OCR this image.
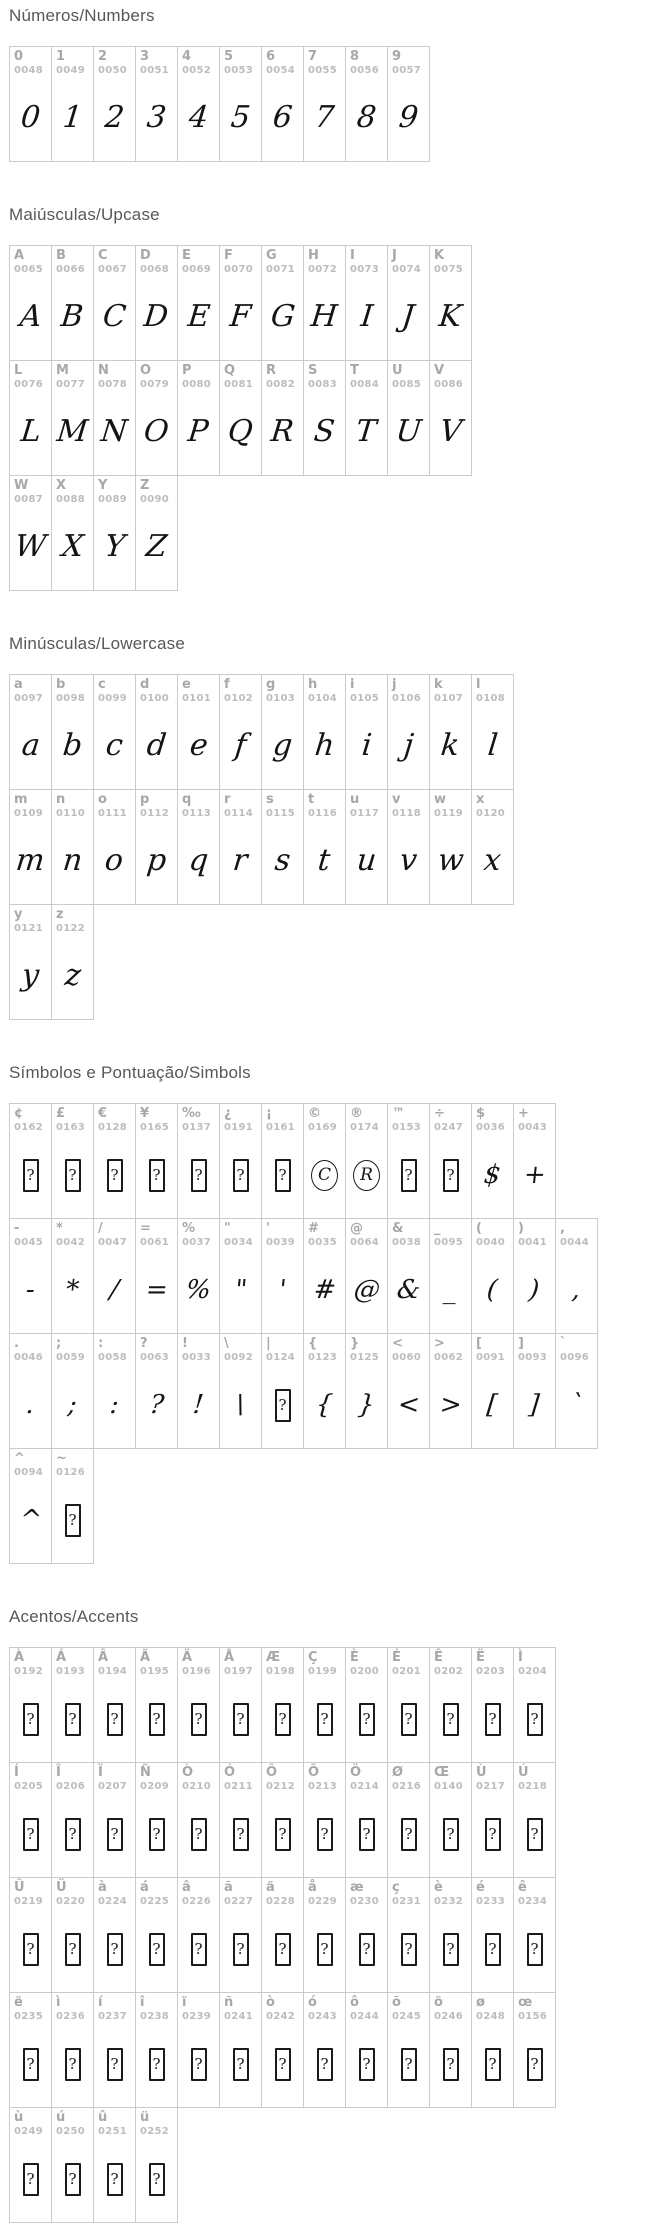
Números/Numbers
0
0048
0
1
0049
1
2
0050
2
3
0051
3
4
0052
4
5
0053
5
6
0054
6
7
0055
7
8
0056
8
9
0057
9
Maiúsculas/Upcase
A
0065
A
B
0066
B
C
0067
C
D
0068
D
E
0069
E
F
0070
F
G
0071
G
H
0072
H
I
0073
I
J
0074
J
K
0075
K
L
0076
L
M
0077
M
N
0078
N
O
0079
O
P
0080
P
Q
0081
Q
R
0082
R
S
0083
S
T
0084
T
U
0085
U
V
0086
V
W
0087
W
X
0088
X
Y
0089
Y
Z
0090
Z
Minúsculas/Lowercase
a
0097
a
b
0098
b
c
0099
c
d
0100
d
e
0101
e
f
0102
f
g
0103
g
h
0104
h
i
0105
i
j
0106
j
k
0107
k
l
0108
l
m
0109
m
n
0110
n
o
0111
o
p
0112
p
q
0113
q
r
0114
r
s
0115
s
t
0116
t
u
0117
u
v
0118
v
w
0119
w
x
0120
x
y
0121
y
z
0122
z
Símbolos e Pontuação/Simbols
¢
0162
?
£
0163
?
€
0128
?
¥
0165
?
‰
0137
?
¿
0191
?
¡
0161
?
©
0169
C
®
0174
R
™
0153
?
÷
0247
?
$
0036
$
+
0043
+
-
0045
-
*
0042
*
/
0047
/
=
0061
=
%
0037
%
"
0034
"
'
0039
'
#
0035
#
@
0064
@
&
0038
&
_
0095
_
(
0040
(
)
0041
)
,
0044
,
.
0046
.
;
0059
;
:
0058
:
?
0063
?
!
0033
!
\
0092
\
|
0124
?
{
0123
{
}
0125
}
<
0060
<
>
0062
>
[
0091
[
]
0093
]
`
0096
`
^
0094
^
~
0126
?
Acentos/Accents
À
0192
?
Á
0193
?
Â
0194
?
Ã
0195
?
Ä
0196
?
Å
0197
?
Æ
0198
?
Ç
0199
?
È
0200
?
É
0201
?
Ê
0202
?
Ë
0203
?
Ì
0204
?
Í
0205
?
Î
0206
?
Ï
0207
?
Ñ
0209
?
Ò
0210
?
Ó
0211
?
Ô
0212
?
Õ
0213
?
Ö
0214
?
Ø
0216
?
Œ
0140
?
Ù
0217
?
Ú
0218
?
Û
0219
?
Ü
0220
?
à
0224
?
á
0225
?
â
0226
?
ã
0227
?
ä
0228
?
å
0229
?
æ
0230
?
ç
0231
?
è
0232
?
é
0233
?
ê
0234
?
ë
0235
?
ì
0236
?
í
0237
?
î
0238
?
ï
0239
?
ñ
0241
?
ò
0242
?
ó
0243
?
ô
0244
?
õ
0245
?
ö
0246
?
ø
0248
?
œ
0156
?
ù
0249
?
ú
0250
?
û
0251
?
ü
0252
?
